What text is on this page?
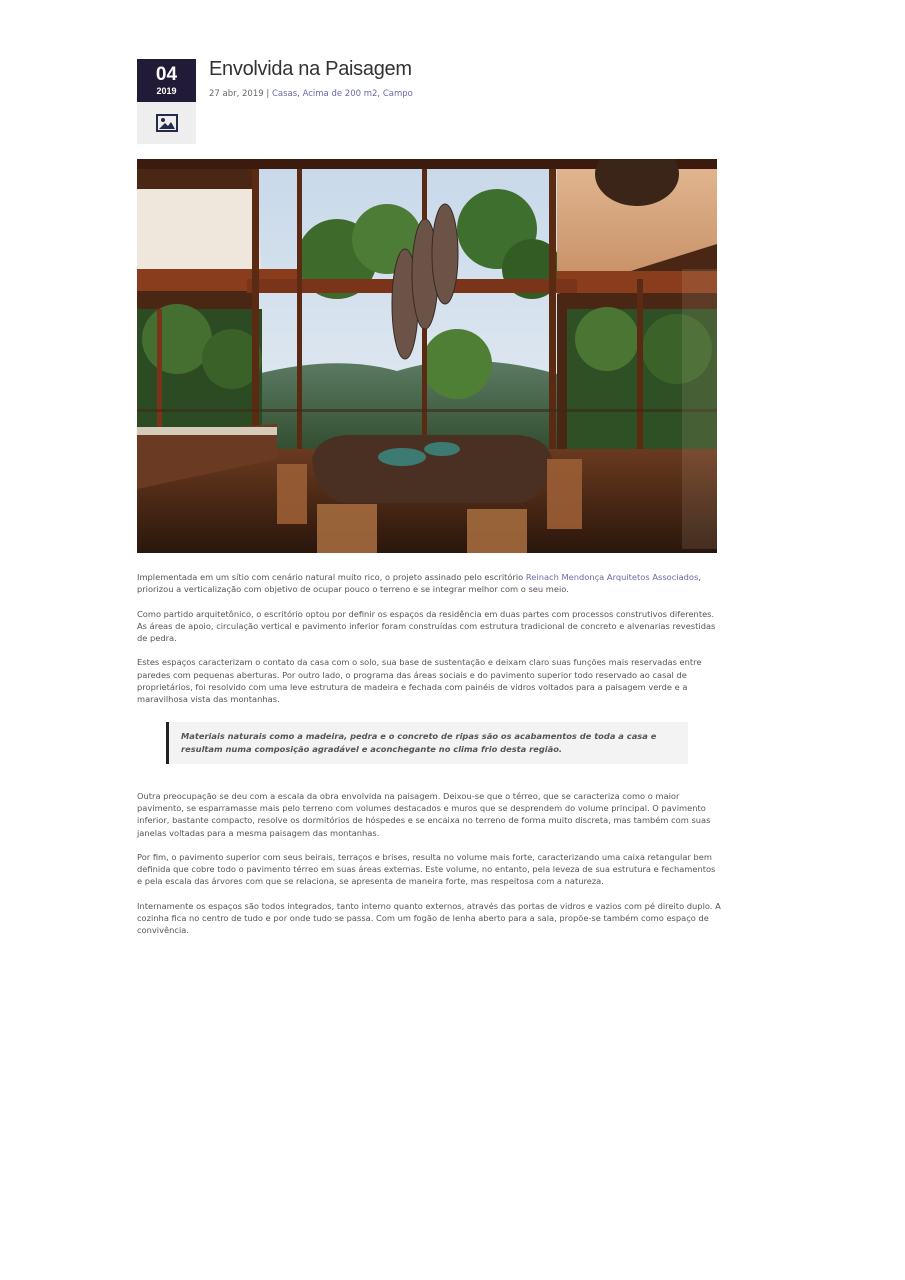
04
2019
Envolvida na Paisagem
27 abr, 2019 | Casas, Acima de 200 m2, Campo

Implementada em um sítio com cenário natural muito rico, o projeto assinado pelo escritório Reinach Mendonça Arquitetos Associados, priorizou a verticalização com objetivo de ocupar pouco o terreno e se integrar melhor com o seu meio.

Como partido arquitetônico, o escritório optou por definir os espaços da residência em duas partes com processos construtivos diferentes. As áreas de apoio, circulação vertical e pavimento inferior foram construídas com estrutura tradicional de concreto e alvenarias revestidas de pedra.

Estes espaços caracterizam o contato da casa com o solo, sua base de sustentação e deixam claro suas funções mais reservadas entre paredes com pequenas aberturas. Por outro lado, o programa das áreas sociais e do pavimento superior todo reservado ao casal de proprietários, foi resolvido com uma leve estrutura de madeira e fechada com painéis de vidros voltados para a paisagem verde e a maravilhosa vista das montanhas.

Materiais naturais como a madeira, pedra e o concreto de ripas são os acabamentos de toda a casa e resultam numa composição agradável e aconchegante no clima frio desta região.

Outra preocupação se deu com a escala da obra envolvida na paisagem. Deixou-se que o térreo, que se caracteriza como o maior pavimento, se esparramasse mais pelo terreno com volumes destacados e muros que se desprendem do volume principal. O pavimento inferior, bastante compacto, resolve os dormitórios de hóspedes e se encaixa no terreno de forma muito discreta, mas também com suas janelas voltadas para a mesma paisagem das montanhas.

Por fim, o pavimento superior com seus beirais, terraços e brises, resulta no volume mais forte, caracterizando uma caixa retangular bem definida que cobre todo o pavimento térreo em suas áreas externas. Este volume, no entanto, pela leveza de sua estrutura e fechamentos e pela escala das árvores com que se relaciona, se apresenta de maneira forte, mas respeitosa com a natureza.

Internamente os espaços são todos integrados, tanto interno quanto externos, através das portas de vidros e vazios com pé direito duplo. A cozinha fica no centro de tudo e por onde tudo se passa. Com um fogão de lenha aberto para a sala, propõe-se também como espaço de convivência.
